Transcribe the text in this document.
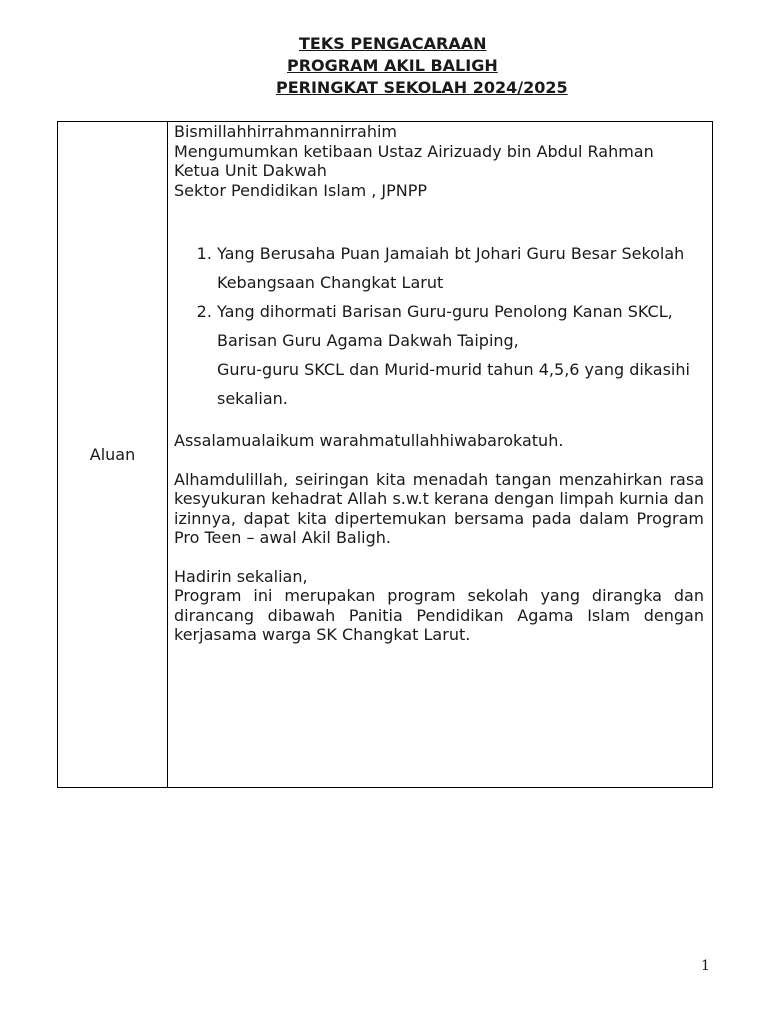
TEKS PENGACARAAN
PROGRAM AKIL BALIGH
PERINGKAT SEKOLAH 2024/2025
Aluan
Bismillahhirrahmannirrahim
Mengumumkan ketibaan Ustaz Airizuady bin Abdul Rahman
Ketua Unit Dakwah
Sektor Pendidikan Islam , JPNPP
1. Yang Berusaha Puan Jamaiah bt Johari Guru Besar Sekolah Kebangsaan Changkat Larut
2. Yang dihormati Barisan Guru-guru Penolong Kanan SKCL, Barisan Guru Agama Dakwah Taiping,
Guru-guru SKCL dan Murid-murid tahun 4,5,6 yang dikasihi sekalian.
Assalamualaikum warahmatullahhiwabarokatuh.
Alhamdulillah, seiringan kita menadah tangan menzahirkan rasa kesyukuran kehadrat Allah s.w.t kerana dengan limpah kurnia dan izinnya, dapat kita dipertemukan bersama pada dalam Program Pro Teen – awal Akil Baligh.
Hadirin sekalian,
Program ini merupakan program sekolah yang dirangka dan dirancang dibawah Panitia Pendidikan Agama Islam dengan kerjasama warga SK Changkat Larut.
1
